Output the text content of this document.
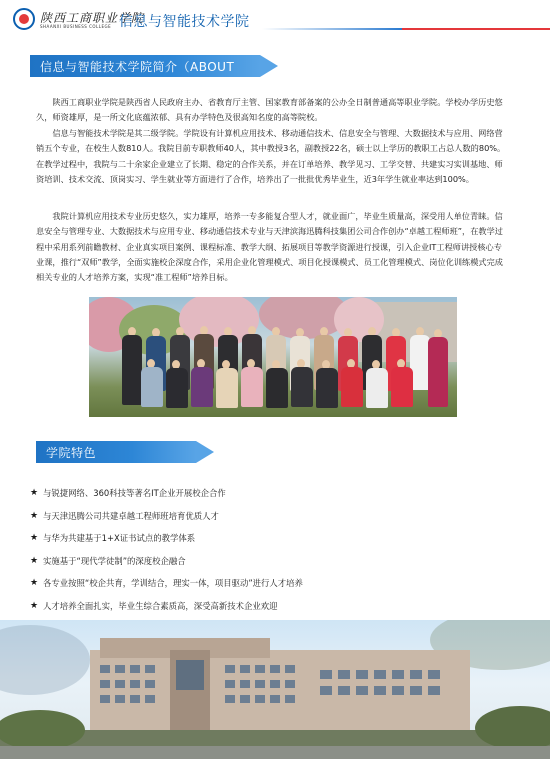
陕西工商职业学院
SHAANXI BUSINESS COLLEGE 信息与智能技术学院
信息与智能技术学院简介（ABOUT US）

陕西工商职业学院是陕西省人民政府主办、省教育厅主管、国家教育部备案的公办全日制普通高等职业学院。学校办学历史悠久，师资雄厚，是一所文化底蕴浓郁、具有办学特色及很高知名度的高等院校。

信息与智能技术学院是其二级学院。学院设有计算机应用技术、移动通信技术、信息安全与管理、大数据技术与应用、网络营销五个专业，在校生人数810人。我院目前专职教师40人，其中教授3名，副教授22名，硕士以上学历的教职工占总人数的80%。在教学过程中，我院与二十余家企业建立了长期、稳定的合作关系，并在订单培养、教学见习、工学交替、共建实习实训基地、师资培训、技术交流、顶岗实习、学生就业等方面进行了合作，培养出了一批批优秀毕业生，近3年学生就业率达到100%。

我院计算机应用技术专业历史悠久，实力雄厚，培养一专多能复合型人才，就业面广，毕业生质量高，深受用人单位青睐。信息安全与管理专业、大数据技术与应用专业、移动通信技术专业与天津滨海迅腾科技集团公司合作创办“卓越工程师班”，在教学过程中采用系列前瞻教材、企业真实项目案例、课程标准、教学大纲、拓展项目等教学资源进行授课，引入企业IT工程师讲授核心专业课，推行“双师”教学，全面实施校企深度合作，采用企业化管理模式、项目化授课模式、员工化管理模式、岗位化训练模式完成相关专业的人才培养方案，实现“准工程师”培养目标。

学院特色（SUPERIORITY）
★ 与锐捷网络、360科技等著名IT企业开展校企合作
★ 与天津迅腾公司共建卓越工程师班培育优质人才
★ 与华为共建基于1+X证书试点的教学体系
★ 实施基于“现代学徒制”的深度校企融合
★ 各专业按照“校企共育，学训结合，理实一体，项目驱动”进行人才培养
★ 人才培养全面扎实，毕业生综合素质高，深受高新技术企业欢迎
